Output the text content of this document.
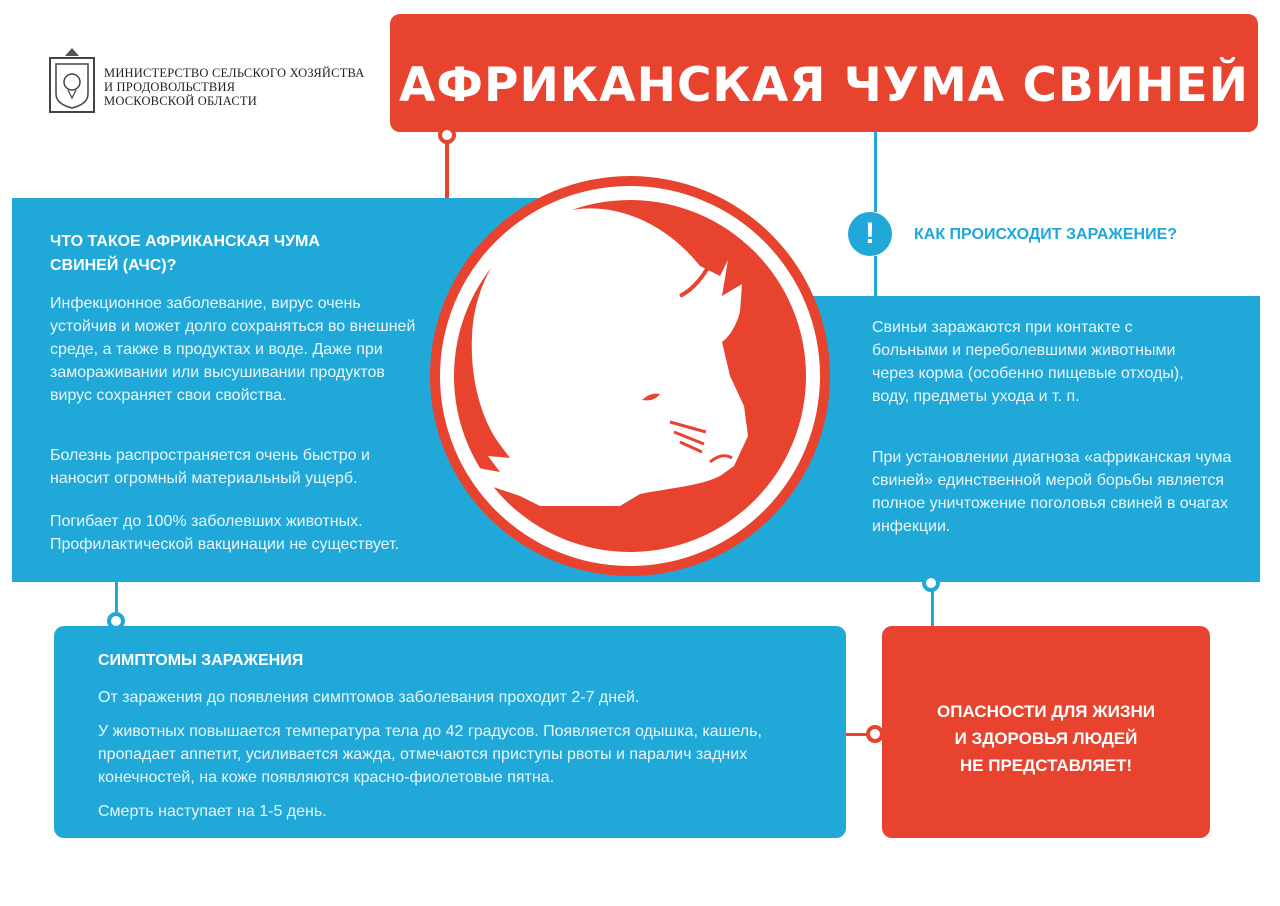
МИНИСТЕРСТВО СЕЛЬСКОГО ХОЗЯЙСТВА
И ПРОДОВОЛЬСТВИЯ
МОСКОВСКОЙ ОБЛАСТИ	АФРИКАНСКАЯ ЧУМА СВИНЕЙ
ЧТО ТАКОЕ АФРИКАНСКАЯ ЧУМА СВИНЕЙ (АЧС)?
Инфекционное заболевание, вирус очень устойчив и может долго сохраняться во внешней среде, а также в продуктах и воде. Даже при замораживании или высушивании продуктов вирус сохраняет свои свойства.
Болезнь распространяется очень быстро и наносит огромный материальный ущерб.
Погибает до 100% заболевших животных. Профилактической вакцинации не существует.
!	КАК ПРОИСХОДИТ ЗАРАЖЕНИЕ?
Свиньи заражаются при контакте с больными и переболевшими животными через корма (особенно пищевые отходы), воду, предметы ухода и т. п.
При установлении диагноза «африканская чума свиней» единственной мерой борьбы является полное уничтожение поголовья свиней в очагах инфекции.
СИМПТОМЫ ЗАРАЖЕНИЯ
От заражения до появления симптомов заболевания проходит 2-7 дней.
У животных повышается температура тела до 42 градусов. Появляется одышка, кашель, пропадает аппетит, усиливается жажда, отмечаются приступы рвоты и паралич задних конечностей, на коже появляются красно-фиолетовые пятна.
Смерть наступает на 1-5 день.
ОПАСНОСТИ ДЛЯ ЖИЗНИ
И ЗДОРОВЬЯ ЛЮДЕЙ
НЕ ПРЕДСТАВЛЯЕТ!
